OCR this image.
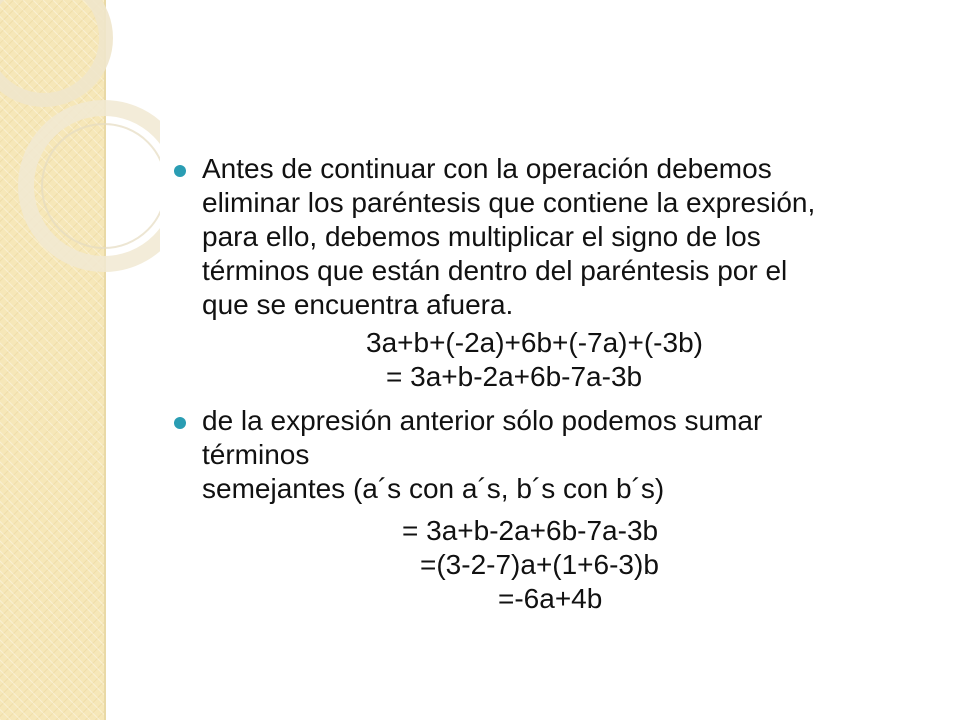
Antes de continuar con la operación debemos
eliminar los paréntesis que contiene la expresión,
para ello, debemos multiplicar el signo de los
términos que están dentro del paréntesis por el
que se encuentra afuera.
3a+b+(-2a)+6b+(-7a)+(-3b)
= 3a+b-2a+6b-7a-3b
de la expresión anterior sólo podemos sumar
términos
semejantes (a´s con a´s, b´s con b´s)
= 3a+b-2a+6b-7a-3b
=(3-2-7)a+(1+6-3)b
=-6a+4b
